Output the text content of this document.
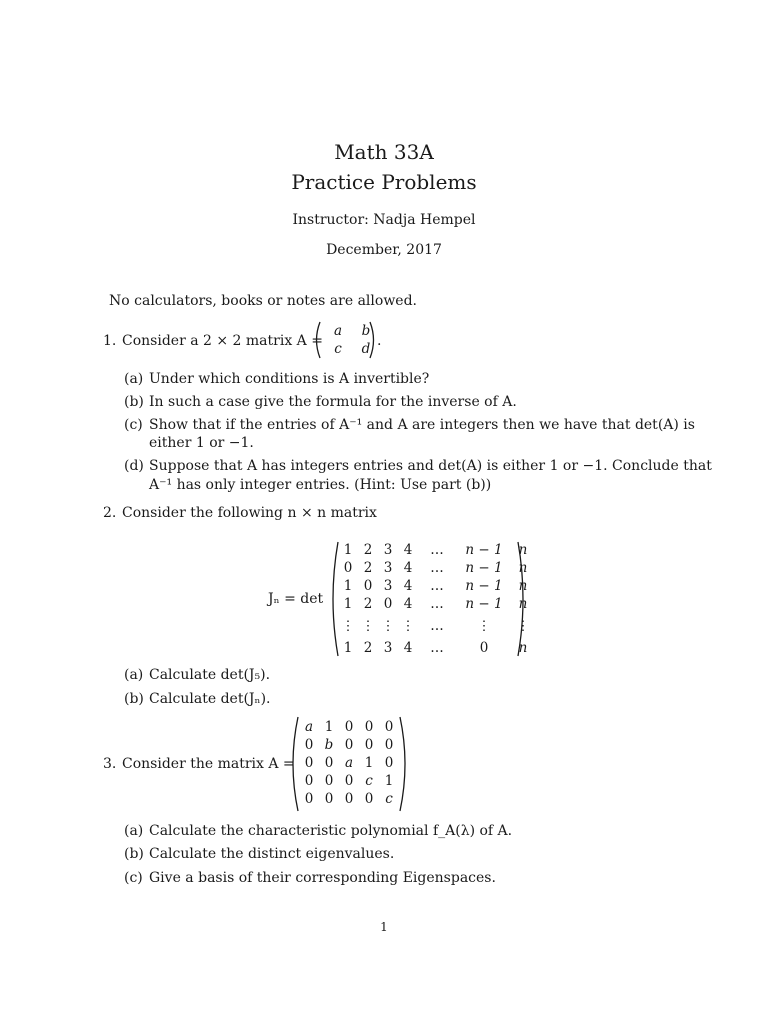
Math 33A
Practice Problems
Instructor: Nadja Hempel
December, 2017
No calculators, books or notes are allowed.
1. Consider a 2 × 2 matrix A =
a	b
c	d .
(a) Under which conditions is A invertible?
(b) In such a case give the formula for the inverse of A.
(c) Show that if the entries of A⁻¹ and A are integers then we have that det(A) is
either 1 or −1.
(d) Suppose that A has integers entries and det(A) is either 1 or −1. Conclude that
A⁻¹ has only integer entries. (Hint: Use part (b))
2. Consider the following n × n matrix
Jₙ = det
1	2	3	4	…	n − 1	n
0	2	3	4	…	n − 1	n
1	0	3	4	…	n − 1	n
1	2	0	4	…	n − 1	n
⋮	⋮	⋮	⋮	…	⋮	⋮
1	2	3	4	…	0	n
(a) Calculate det(J₅).
(b) Calculate det(Jₙ).
3. Consider the matrix A =
a	1	0	0	0
0	b	0	0	0
0	0	a	1	0
0	0	0	c	1
0	0	0	0	c
(a) Calculate the characteristic polynomial f_A(λ) of A.
(b) Calculate the distinct eigenvalues.
(c) Give a basis of their corresponding Eigenspaces.
1
